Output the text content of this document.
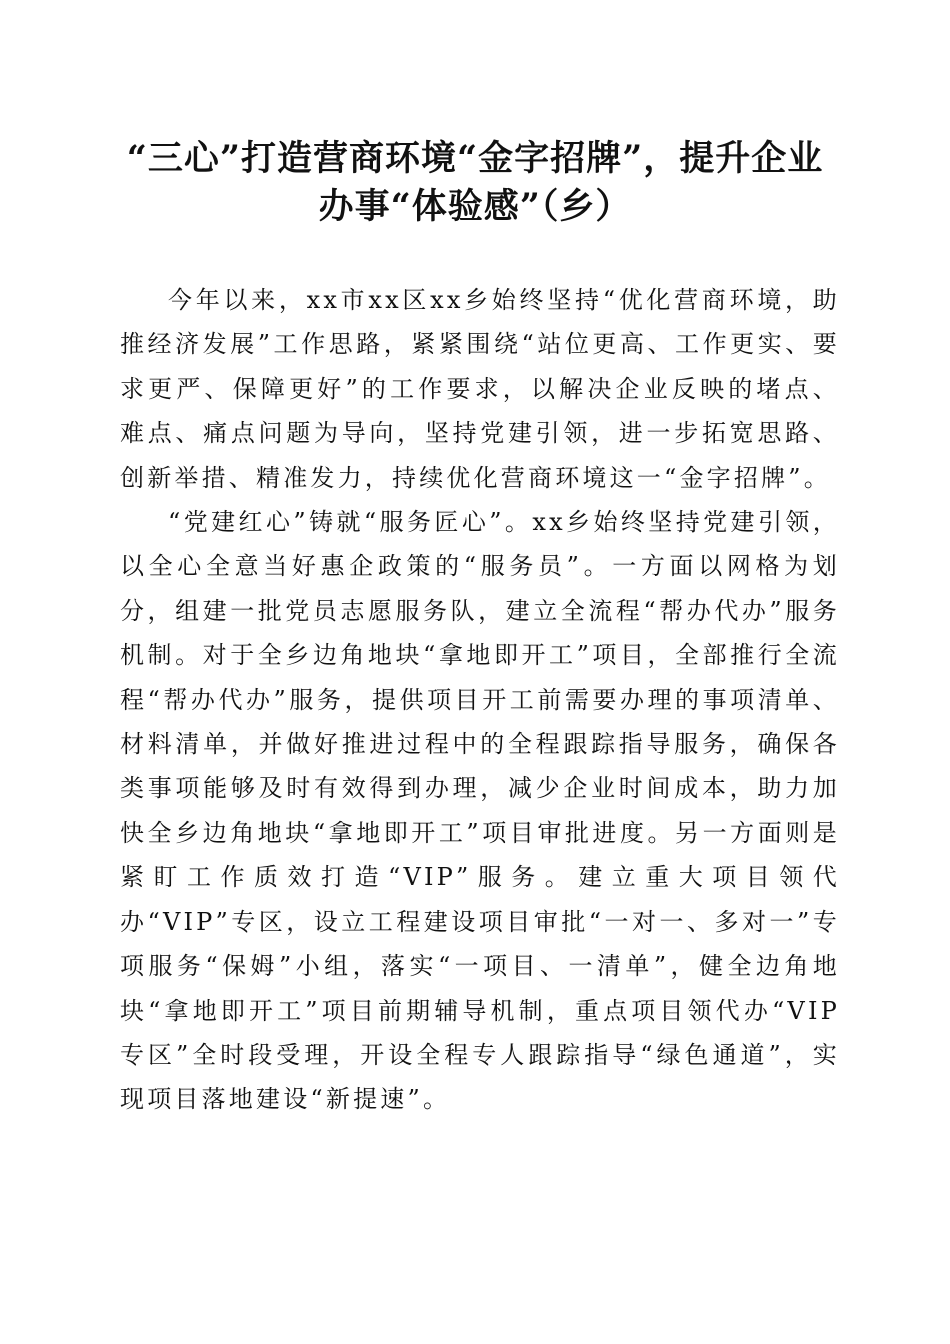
“三心”打造营商环境“金字招牌”，提升企业办事“体验感”（乡）

今年以来，xx市xx区xx乡始终坚持“优化营商环境，助推经济发展”工作思路，紧紧围绕“站位更高、工作更实、要求更严、保障更好”的工作要求，以解决企业反映的堵点、难点、痛点问题为导向，坚持党建引领，进一步拓宽思路、创新举措、精准发力，持续优化营商环境这一“金字招牌”。

“党建红心”铸就“服务匠心”。xx乡始终坚持党建引领，以全心全意当好惠企政策的“服务员”。一方面以网格为划分，组建一批党员志愿服务队，建立全流程“帮办代办”服务机制。对于全乡边角地块“拿地即开工”项目，全部推行全流程“帮办代办”服务，提供项目开工前需要办理的事项清单、材料清单，并做好推进过程中的全程跟踪指导服务，确保各类事项能够及时有效得到办理，减少企业时间成本，助力加快全乡边角地块“拿地即开工”项目审批进度。另一方面则是紧盯工作质效打造“VIP”服务。建立重大项目领代办“VIP”专区，设立工程建设项目审批“一对一、多对一”专项服务“保姆”小组，落实“一项目、一清单”，健全边角地块“拿地即开工”项目前期辅导机制，重点项目领代办“VIP专区”全时段受理，开设全程专人跟踪指导“绿色通道”，实现项目落地建设“新提速”。
